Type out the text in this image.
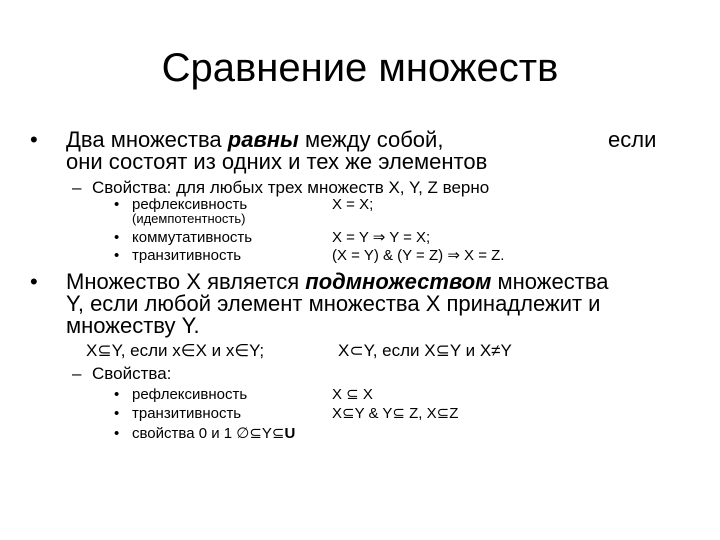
Сравнение множеств
• Два множества равны между собой,	если
они состоят из одних и тех же элементов
– Свойства: для любых трех множеств X, Y, Z верно
• рефлексивность	X = X;
(идемпотентность)
• коммутативность	X = Y ⇒ Y = X;
• транзитивность	(X = Y) & (Y = Z) ⇒ X = Z.
• Множество X является подмножеством множества
Y, если любой элемент множества X принадлежит и
множеству Y.
X⊆Y, если x∈X и x∈Y;	X⊂Y, если X⊆Y и X≠Y
– Свойства:
• рефлексивность	X ⊆ X
• транзитивность	X⊆Y & Y⊆ Z, X⊆Z
• свойства 0 и 1 ∅⊆Y⊆U
